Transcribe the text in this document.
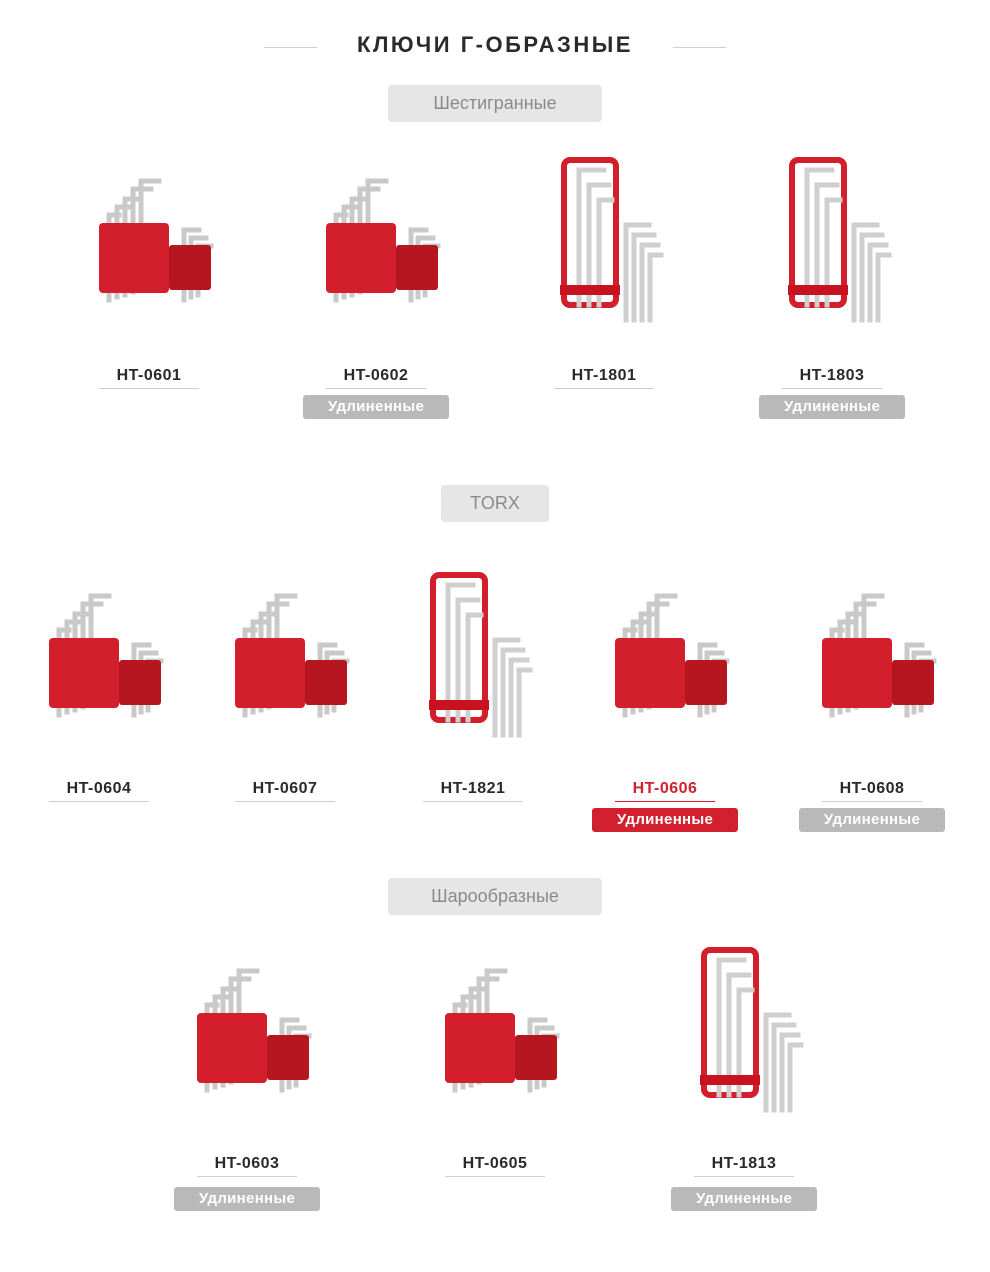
КЛЮЧИ Г-ОБРАЗНЫЕ
Шестигранные
HT-0601	HT-0602
Удлиненные
HT-1801	HT-1803
Удлиненные
TORX
HT-0604	HT-0607	HT-1821	HT-0606
Удлиненные
HT-0608
Удлиненные
Шарообразные
HT-0603
Удлиненные
HT-0605	HT-1813
Удлиненные
